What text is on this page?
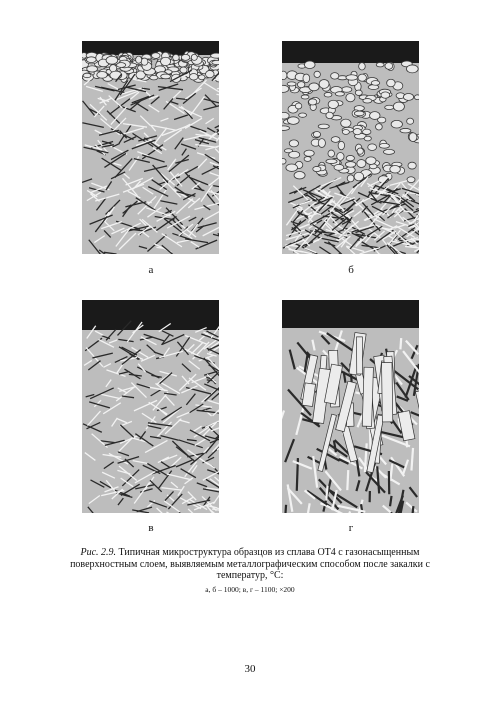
а	б
в	г
Рис. 2.9. Типичная микроструктура образцов из сплава ОТ4 с газонасыщенным поверхностным слоем, выявляемым металлографическим способом после закалки с температур, °С:
а, б – 1000; в, г – 1100; ×200
30
